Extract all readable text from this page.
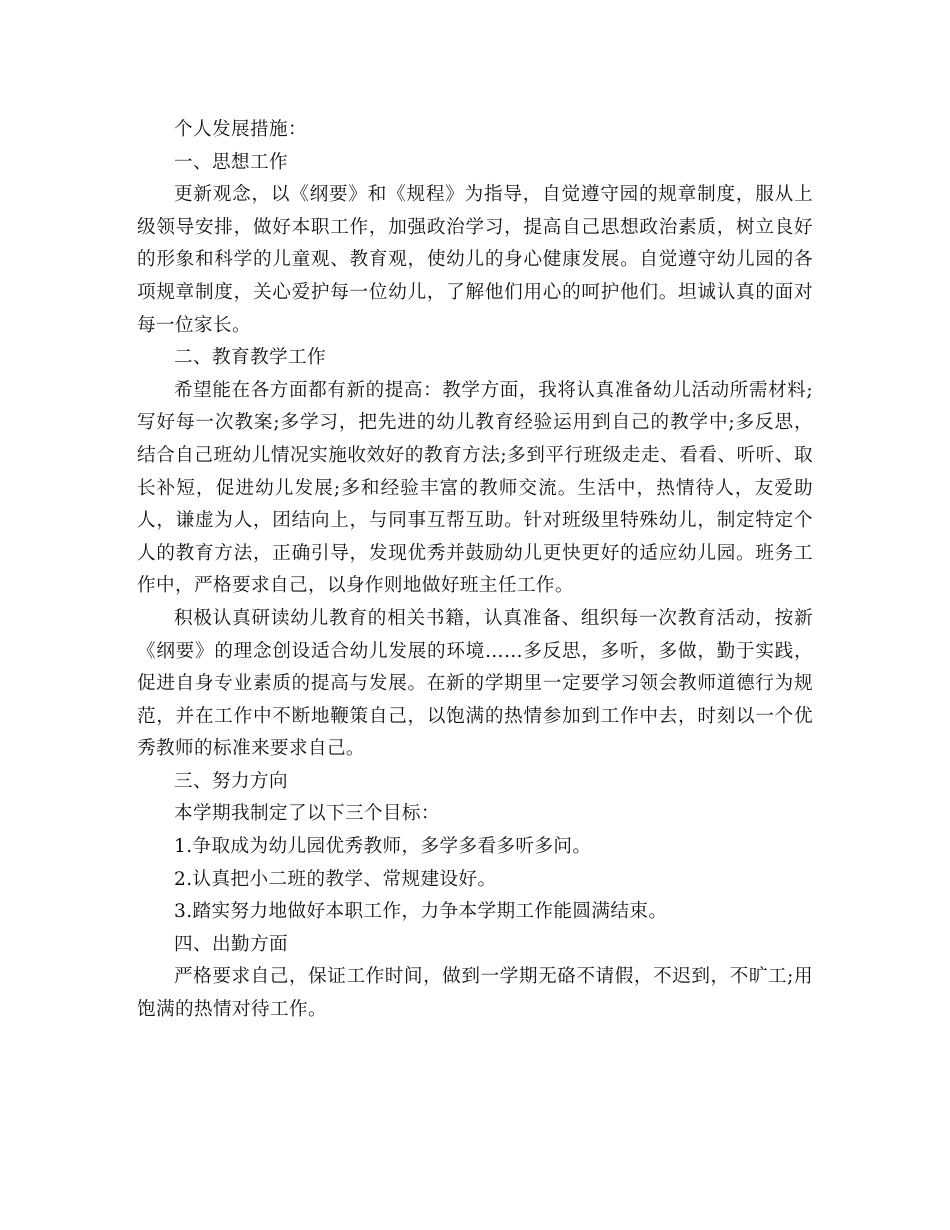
个人发展措施：

一、思想工作

更新观念，以《纲要》和《规程》为指导，自觉遵守园的规章制度，服从上级领导安排，做好本职工作，加强政治学习，提高自己思想政治素质，树立良好的形象和科学的儿童观、教育观，使幼儿的身心健康发展。自觉遵守幼儿园的各项规章制度，关心爱护每一位幼儿，了解他们用心的呵护他们。坦诚认真的面对每一位家长。

二、教育教学工作

希望能在各方面都有新的提高：教学方面，我将认真准备幼儿活动所需材料;写好每一次教案;多学习，把先进的幼儿教育经验运用到自己的教学中;多反思，结合自己班幼儿情况实施收效好的教育方法;多到平行班级走走、看看、听听、取长补短，促进幼儿发展;多和经验丰富的教师交流。生活中，热情待人，友爱助人，谦虚为人，团结向上，与同事互帮互助。针对班级里特殊幼儿，制定特定个人的教育方法，正确引导，发现优秀并鼓励幼儿更快更好的适应幼儿园。班务工作中，严格要求自己，以身作则地做好班主任工作。

积极认真研读幼儿教育的相关书籍，认真准备、组织每一次教育活动，按新《纲要》的理念创设适合幼儿发展的环境……多反思，多听，多做，勤于实践，促进自身专业素质的提高与发展。在新的学期里一定要学习领会教师道德行为规范，并在工作中不断地鞭策自己，以饱满的热情参加到工作中去，时刻以一个优秀教师的标准来要求自己。

三、努力方向

本学期我制定了以下三个目标：

1.争取成为幼儿园优秀教师，多学多看多听多问。

2.认真把小二班的教学、常规建设好。

3.踏实努力地做好本职工作，力争本学期工作能圆满结束。

四、出勤方面

严格要求自己，保证工作时间，做到一学期无硌不请假，不迟到，不旷工;用饱满的热情对待工作。
